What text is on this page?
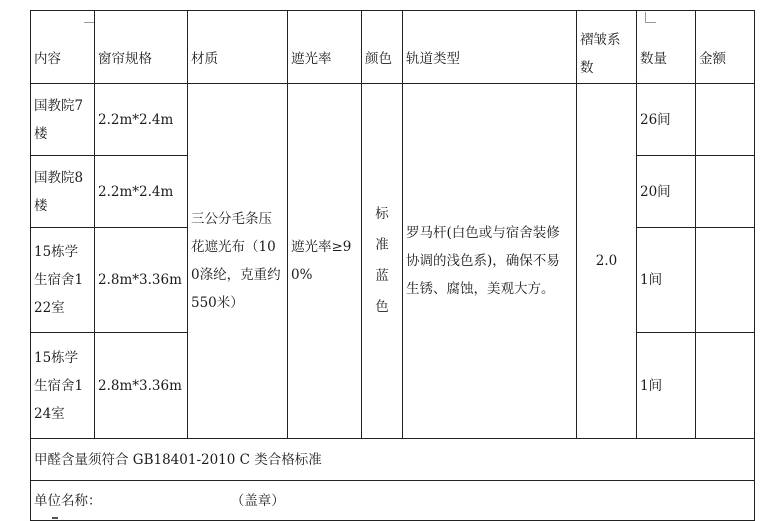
内容	窗帘规格	材质	遮光率	颜色	轨道类型	褶皱系数	数量	金额

国教院7楼	2.2m*2.4m	三公分毛条压花遮光布（100涤纶，克重约550米）	遮光率≥90%	标准蓝色	罗马杆(白色或与宿舍装修协调的浅色系)，确保不易生锈、腐蚀，美观大方。	2.0	26间	
国教院8楼	2.2m*2.4m						20间	
15栋学生宿舍122室	2.8m*3.36m						1间	
15栋学生宿舍124室	2.8m*3.36m						1间	
甲醛含量须符合 GB18401-2010 C 类合格标准								
单位名称： （盖章）								
